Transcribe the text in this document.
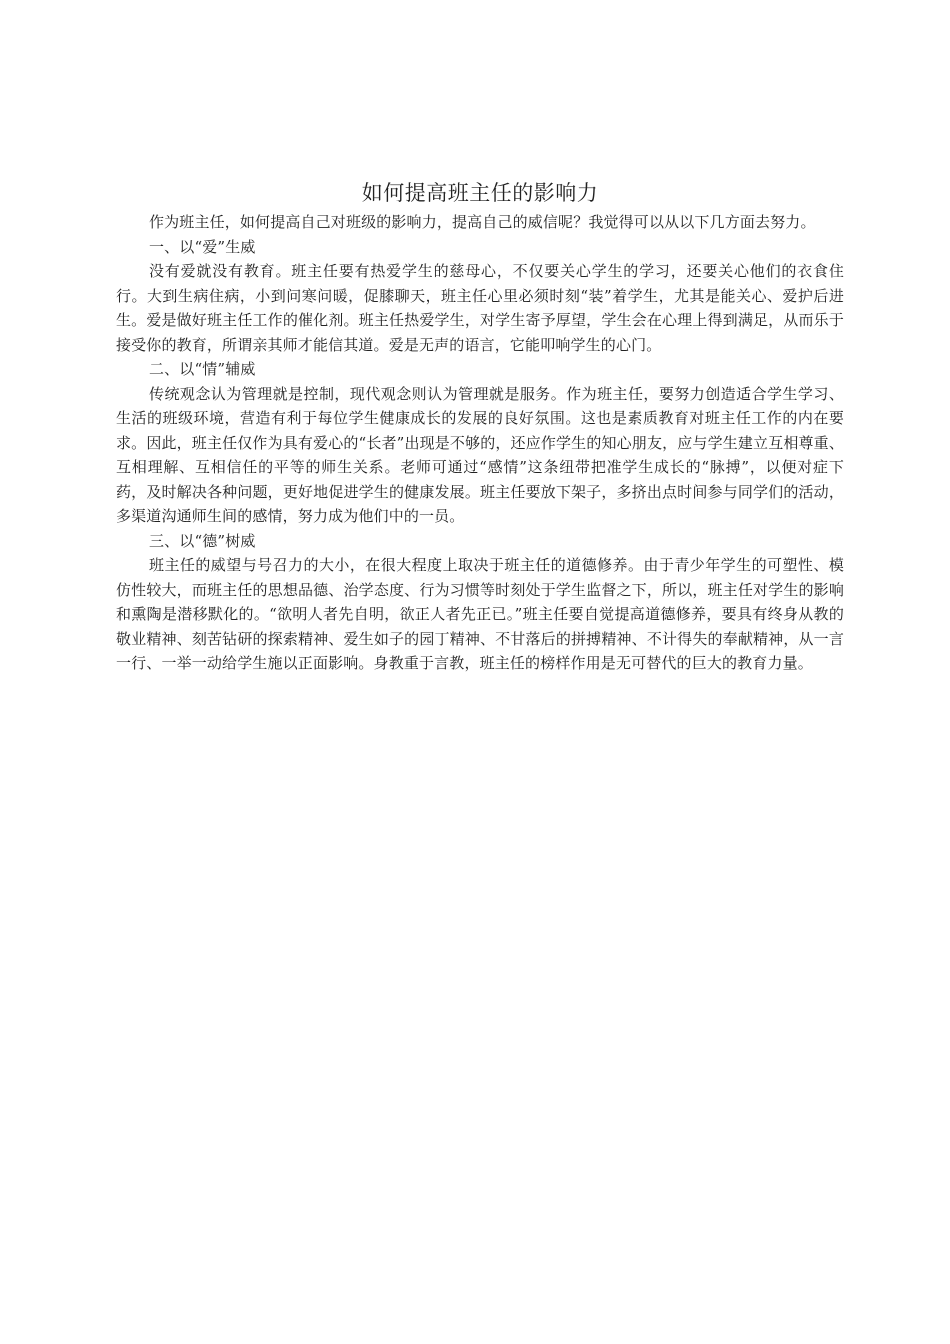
如何提高班主任的影响力

作为班主任，如何提高自己对班级的影响力，提高自己的威信呢？我觉得可以从以下几方面去努力。

一、以“爱”生威

没有爱就没有教育。班主任要有热爱学生的慈母心，不仅要关心学生的学习，还要关心他们的衣食住行。大到生病住病，小到问寒问暖，促膝聊天，班主任心里必须时刻“装”着学生，尤其是能关心、爱护后进生。爱是做好班主任工作的催化剂。班主任热爱学生，对学生寄予厚望，学生会在心理上得到满足，从而乐于接受你的教育，所谓亲其师才能信其道。爱是无声的语言，它能叩响学生的心门。

二、以“情”辅威

传统观念认为管理就是控制，现代观念则认为管理就是服务。作为班主任，要努力创造适合学生学习、生活的班级环境，营造有利于每位学生健康成长的发展的良好氛围。这也是素质教育对班主任工作的内在要求。因此，班主任仅作为具有爱心的“长者”出现是不够的，还应作学生的知心朋友，应与学生建立互相尊重、互相理解、互相信任的平等的师生关系。老师可通过“感情”这条纽带把准学生成长的“脉搏”，以便对症下药，及时解决各种问题，更好地促进学生的健康发展。班主任要放下架子，多挤出点时间参与同学们的活动，多渠道沟通师生间的感情，努力成为他们中的一员。

三、以“德”树威

班主任的威望与号召力的大小，在很大程度上取决于班主任的道德修养。由于青少年学生的可塑性、模仿性较大，而班主任的思想品德、治学态度、行为习惯等时刻处于学生监督之下，所以，班主任对学生的影响和熏陶是潜移默化的。“欲明人者先自明，欲正人者先正已。”班主任要自觉提高道德修养，要具有终身从教的敬业精神、刻苦钻研的探索精神、爱生如子的园丁精神、不甘落后的拼搏精神、不计得失的奉献精神，从一言一行、一举一动给学生施以正面影响。身教重于言教，班主任的榜样作用是无可替代的巨大的教育力量。
